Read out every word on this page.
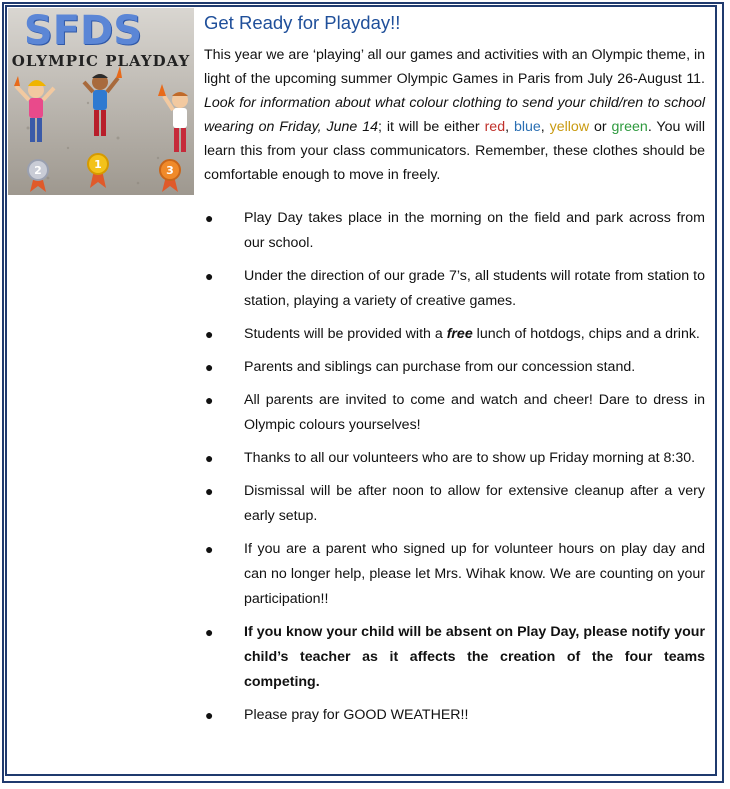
2	1	3
SFDS
OLYMPIC PLAYDAY
Get Ready for Playday!!
This year we are ‘playing’ all our games and activities with an Olympic theme, in light of the upcoming summer Olympic Games in Paris from July 26-August 11. Look for information about what colour clothing to send your child/ren to school wearing on Friday, June 14; it will be either red, blue, yellow or green. You will learn this from your class communicators. Remember, these clothes should be comfortable enough to move in freely.
● Play Day takes place in the morning on the field and park across from our school.
● Under the direction of our grade 7’s, all students will rotate from station to station, playing a variety of creative games.
● Students will be provided with a free lunch of hotdogs, chips and a drink.
● Parents and siblings can purchase from our concession stand.
● All parents are invited to come and watch and cheer! Dare to dress in Olympic colours yourselves!
● Thanks to all our volunteers who are to show up Friday morning at 8:30.
● Dismissal will be after noon to allow for extensive cleanup after a very early setup.
● If you are a parent who signed up for volunteer hours on play day and can no longer help, please let Mrs. Wihak know. We are counting on your participation!!
● If you know your child will be absent on Play Day, please notify your child’s teacher as it affects the creation of the four teams competing.
● Please pray for GOOD WEATHER!!
